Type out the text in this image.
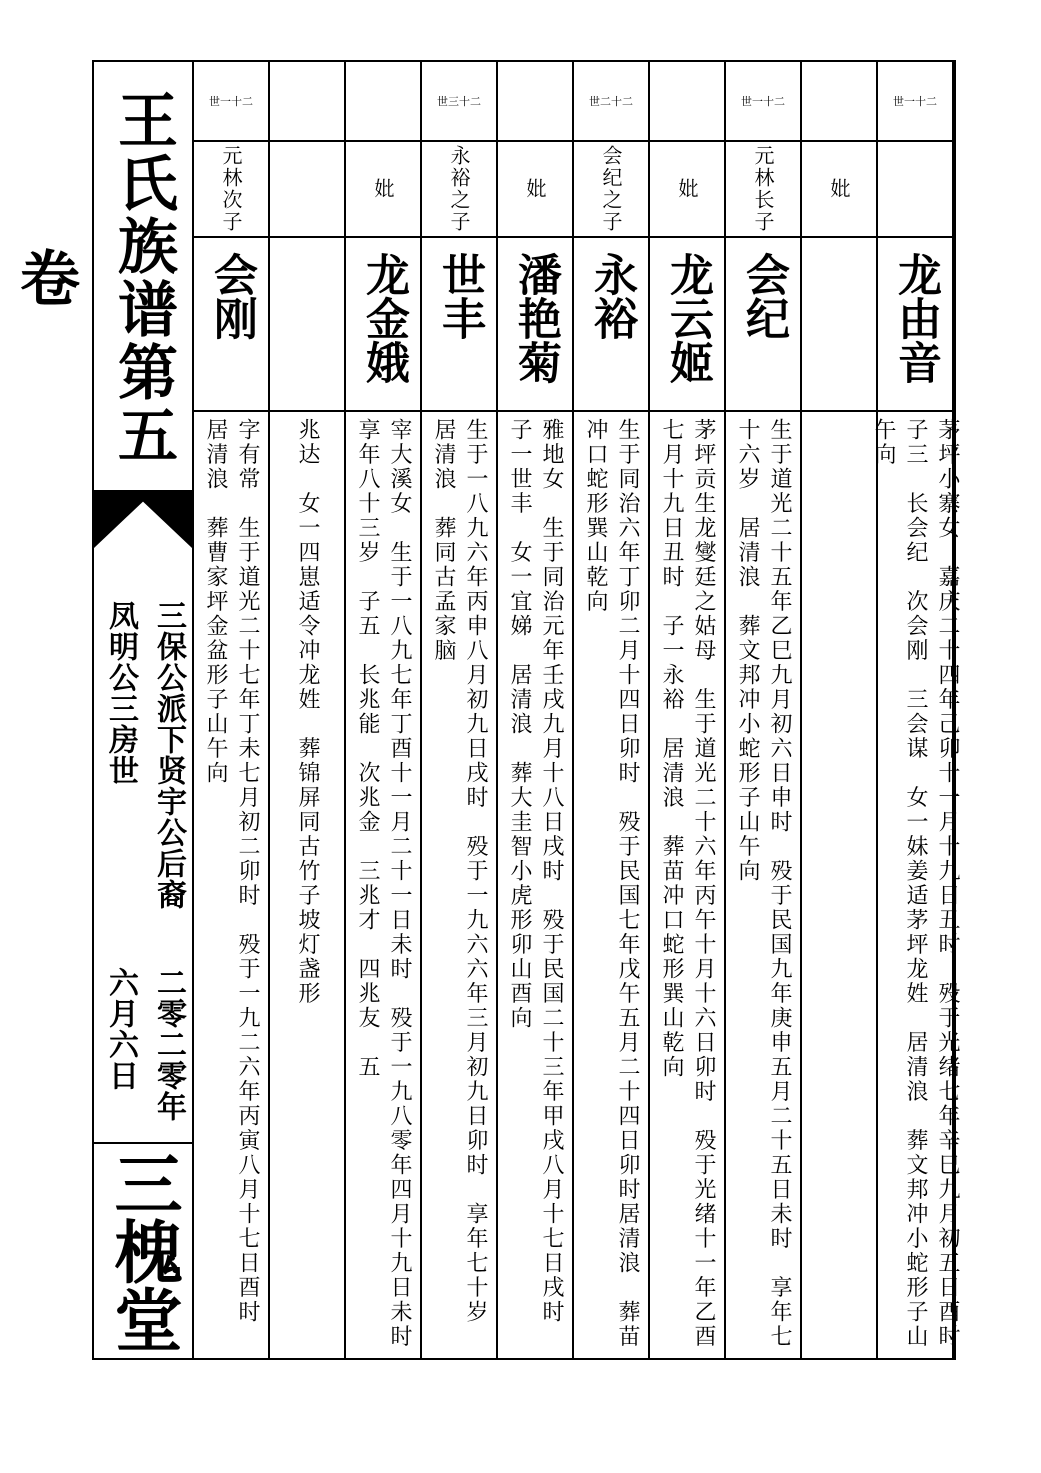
王氏族谱第五卷
三保公派下贤宇公后裔凤明公三房世
二零二零年六月六日
三槐堂
二十一世
龙由音
茅坪小寨女　嘉庆二十四年己卯十一月十九日丑时　殁于光绪七年辛巳九月初五日酉时　子三　长会纪　次会刚　三会谋　女一妹姜适茅坪龙姓　居清浪　葬文邦冲小蛇形子山午向
妣
二十一世
元林长子
会纪
生于道光二十五年乙巳九月初六日申时　殁于民国九年庚申五月二十五日未时　享年七十六岁　居清浪　葬文邦冲小蛇形子山午向
妣
龙云姬
茅坪贡生龙燮廷之姑母　生于道光二十六年丙午十月十六日卯时　殁于光绪十一年乙酉七月十九日丑时　子一永裕　居清浪　葬苗冲口蛇形巽山乾向
二十二世
会纪之子
永裕
生于同治六年丁卯二月十四日卯时　殁于民国七年戊午五月二十四日卯时居清浪　葬苗冲口蛇形巽山乾向
妣
潘艳菊
雅地女　生于同治元年壬戌九月十八日戌时　殁于民国二十三年甲戌八月十七日戌时　子一世丰　女一宜娣　居清浪　葬大圭智小虎形卯山酉向
二十三世
永裕之子
世丰
生于一八九六年丙申八月初九日戌时　殁于一九六六年三月初九日卯时　享年七十岁　居清浪　葬同古孟家脑
妣
龙金娥
宰大溪女　生于一八九七年丁酉十一月二十一日未时　殁于一九八零年四月十九日未时　享年八十三岁　子五　长兆能　次兆金　三兆才　四兆友　五
兆达　女一四崽适令冲龙姓　葬锦屏同古竹子坡灯盏形
二十一世
元林次子
会刚
字有常　生于道光二十七年丁未七月初二卯时　殁于一九二六年丙寅八月十七日酉时　居清浪　葬曹家坪金盆形子山午向
